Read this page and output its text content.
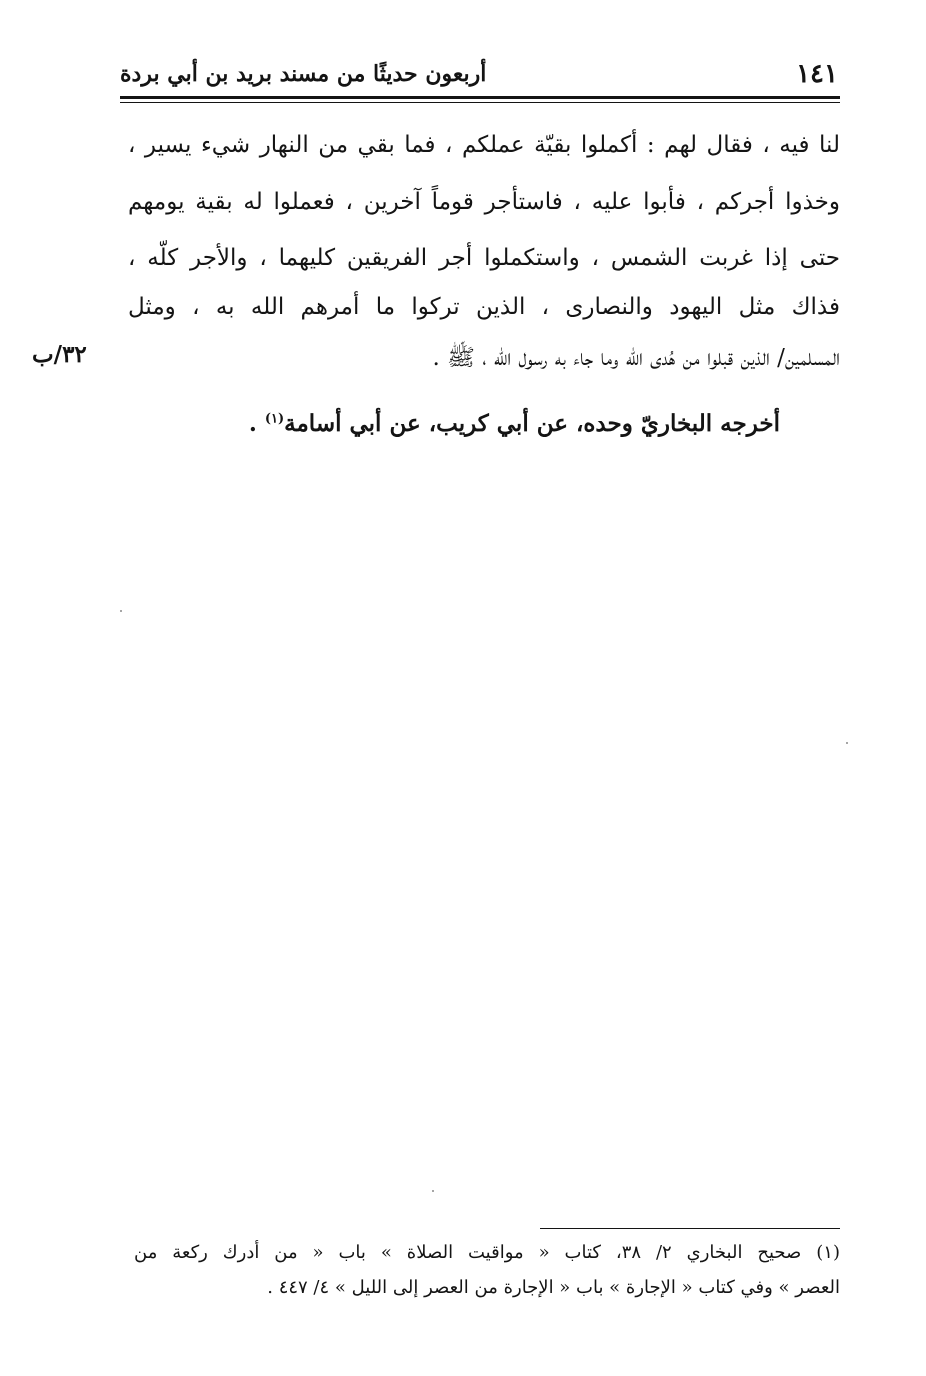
١٤١
أربعون حديثًا من مسند بريد بن أبي بردة
لنا فيه ، فقال لهم : أكملوا بقيّة عملكم ، فما بقي من النهار شيء يسير ،
وخذوا أجركم ، فأبوا عليه ، فاستأجر قوماً آخرين ، فعملوا له بقية يومهم
حتى إذا غربت الشمس ، واستكملوا أجر الفريقين كليهما ، والأجر كلّه ،
فذاك مثل اليهود والنصارى ، الذين تركوا ما أمرهم الله به ، ومثل
المسلمين/ الذين قبلوا من هُدى الله وما جاء به رسول الله ، ﷺ .
٣٢/ب
أخرجه البخاريّ وحده، عن أبي كريب، عن أبي أسامة$^{(١)}$ .
(١) صحيح البخاري ٢/ ٣٨، كتاب « مواقيت الصلاة » باب « من أدرك ركعة من
العصر » وفي كتاب « الإجارة » باب « الإجارة من العصر إلى الليل » ٤/ ٤٤٧ .
